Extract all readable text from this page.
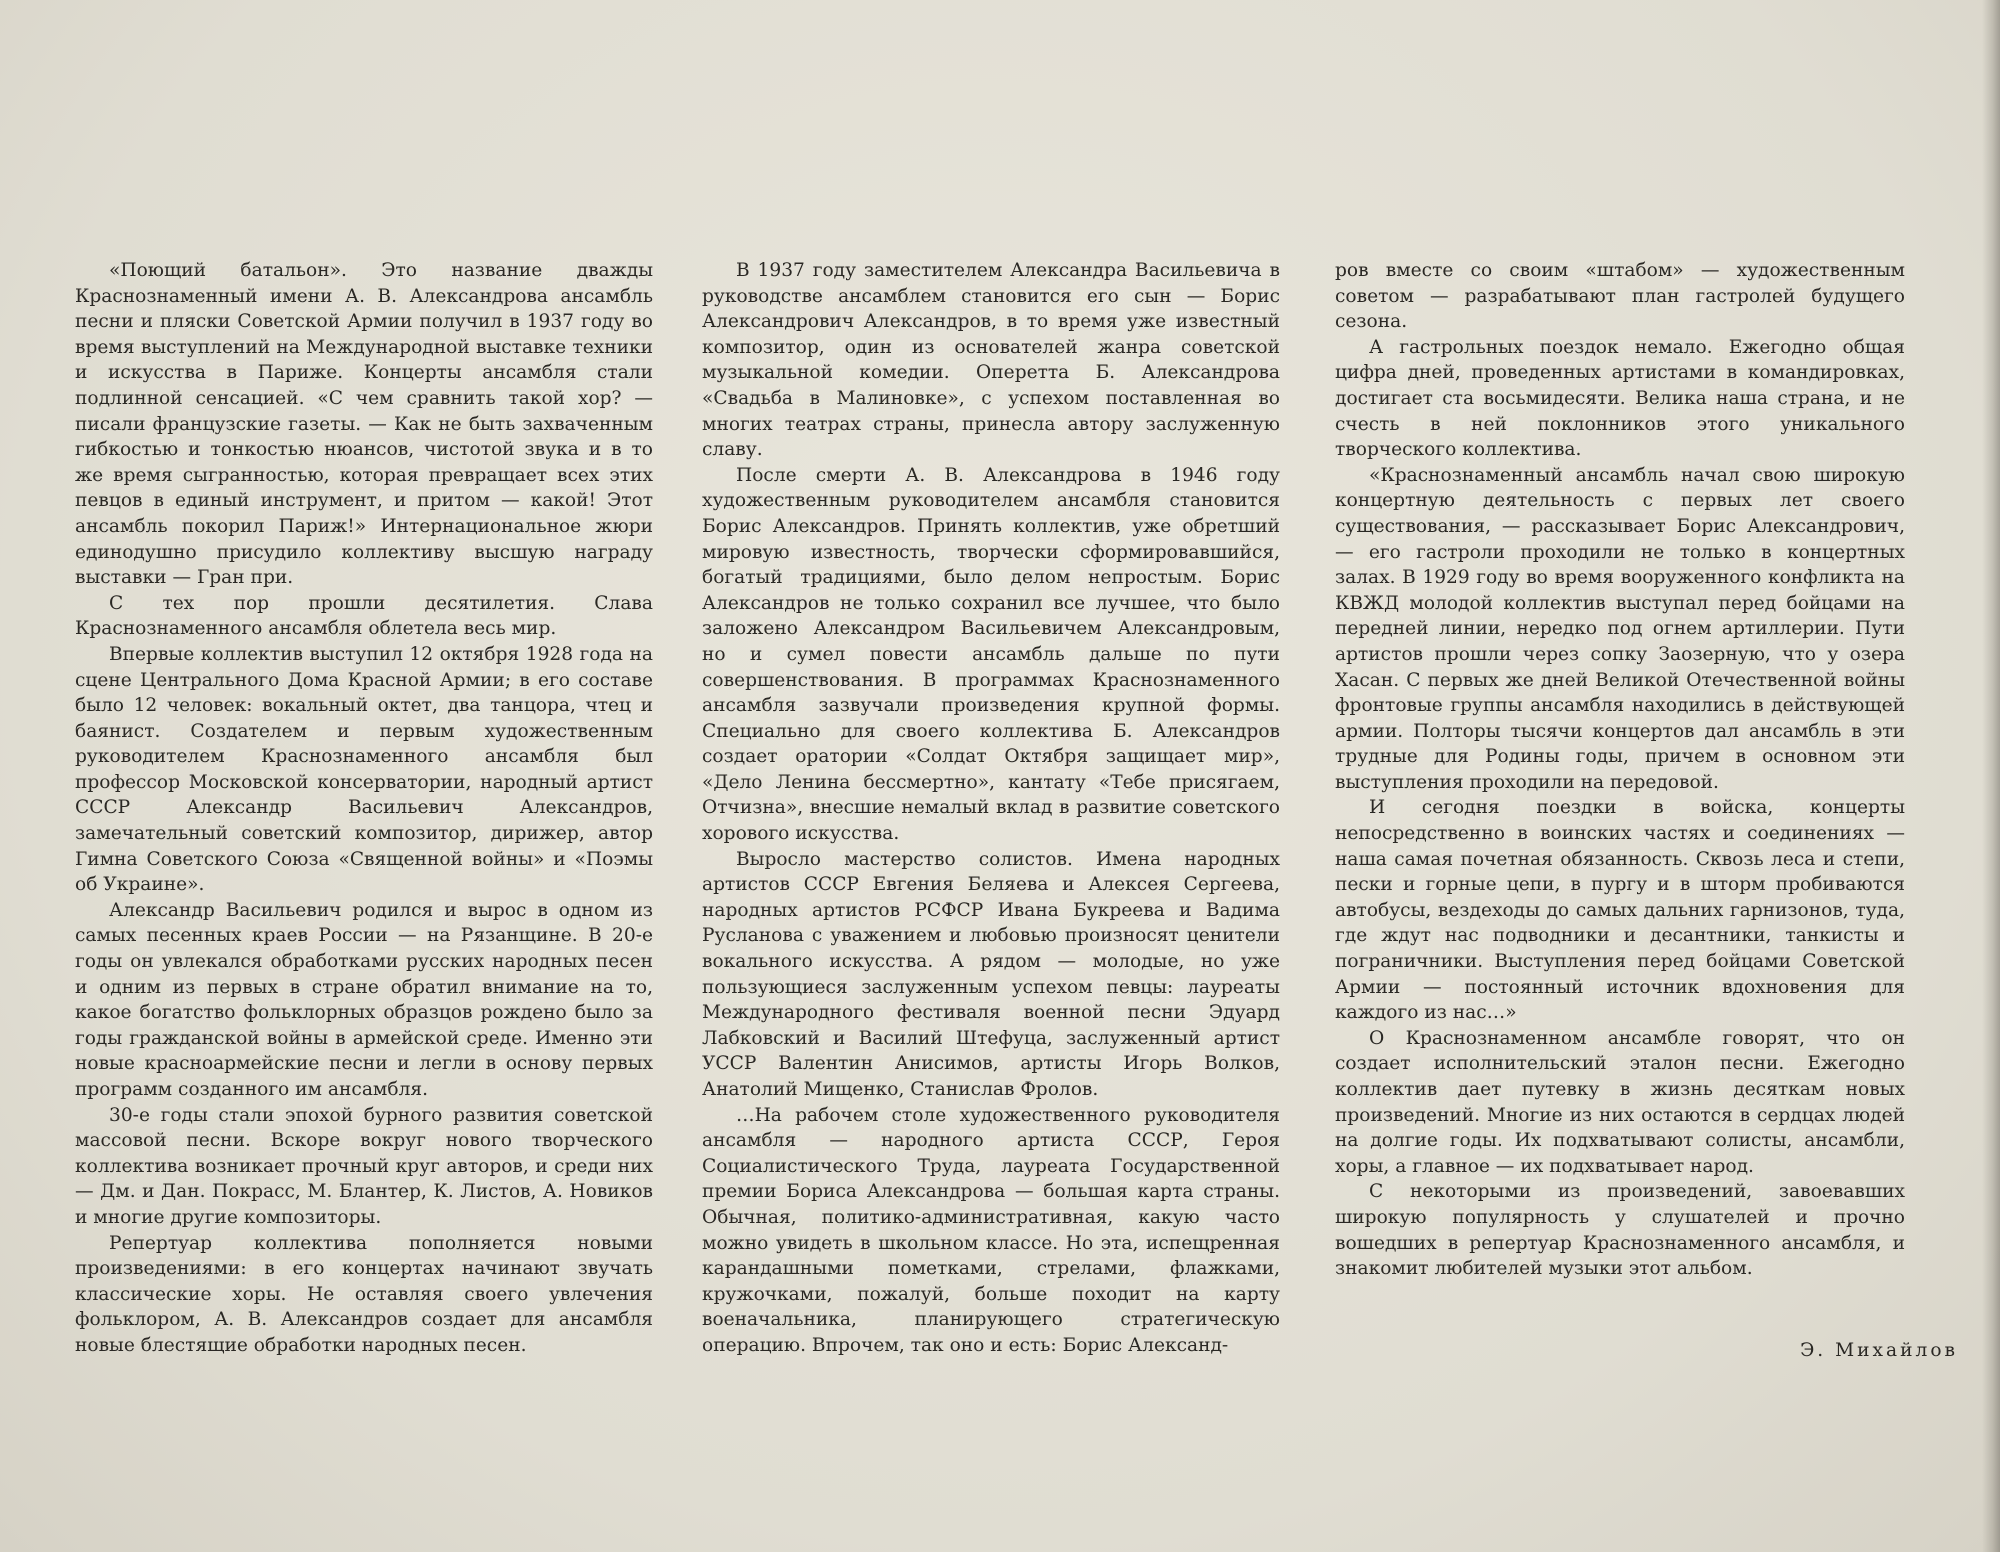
«Поющий батальон». Это название дважды Краснознаменный имени А. В. Александрова ансамбль песни и пляски Советской Армии получил в 1937 году во время выступлений на Международной выставке техники и искусства в Париже. Концерты ансамбля стали подлинной сенсацией. «С чем сравнить такой хор? — писали французские газеты. — Как не быть захваченным гибкостью и тонкостью нюансов, чистотой звука и в то же время сыгранностью, которая превращает всех этих певцов в единый инструмент, и притом — какой! Этот ансамбль покорил Париж!» Интернациональное жюри единодушно присудило коллективу высшую награду выставки — Гран при.

С тех пор прошли десятилетия. Слава Краснознаменного ансамбля облетела весь мир.

Впервые коллектив выступил 12 октября 1928 года на сцене Центрального Дома Красной Армии; в его составе было 12 человек: вокальный октет, два танцора, чтец и баянист. Создателем и первым художественным руководителем Краснознаменного ансамбля был профессор Московской консерватории, народный артист СССР Александр Васильевич Александров, замечательный советский композитор, дирижер, автор Гимна Советского Союза «Священной войны» и «Поэмы об Украине».

Александр Васильевич родился и вырос в одном из самых песенных краев России — на Рязанщине. В 20-е годы он увлекался обработками русских народных песен и одним из первых в стране обратил внимание на то, какое богатство фольклорных образцов рождено было за годы гражданской войны в армейской среде. Именно эти новые красноармейские песни и легли в основу первых программ созданного им ансамбля.

30-е годы стали эпохой бурного развития советской массовой песни. Вскоре вокруг нового творческого коллектива возникает прочный круг авторов, и среди них — Дм. и Дан. Покрасс, М. Блантер, К. Листов, А. Новиков и многие другие композиторы.

Репертуар коллектива пополняется новыми произведениями: в его концертах начинают звучать классические хоры. Не оставляя своего увлечения фольклором, А. В. Александров создает для ансамбля новые блестящие обработки народных песен.

В 1937 году заместителем Александра Васильевича в руководстве ансамблем становится его сын — Борис Александрович Александров, в то время уже известный композитор, один из основателей жанра советской музыкальной комедии. Оперетта Б. Александрова «Свадьба в Малиновке», с успехом поставленная во многих театрах страны, принесла автору заслуженную славу.

После смерти А. В. Александрова в 1946 году художественным руководителем ансамбля становится Борис Александров. Принять коллектив, уже обретший мировую известность, творчески сформировавшийся, богатый традициями, было делом непростым. Борис Александров не только сохранил все лучшее, что было заложено Александром Васильевичем Александровым, но и сумел повести ансамбль дальше по пути совершенствования. В программах Краснознаменного ансамбля зазвучали произведения крупной формы. Специально для своего коллектива Б. Александров создает оратории «Солдат Октября защищает мир», «Дело Ленина бессмертно», кантату «Тебе присягаем, Отчизна», внесшие немалый вклад в развитие советского хорового искусства.

Выросло мастерство солистов. Имена народных артистов СССР Евгения Беляева и Алексея Сергеева, народных артистов РСФСР Ивана Букреева и Вадима Русланова с уважением и любовью произносят ценители вокального искусства. А рядом — молодые, но уже пользующиеся заслуженным успехом певцы: лауреаты Международного фестиваля военной песни Эдуард Лабковский и Василий Штефуца, заслуженный артист УССР Валентин Анисимов, артисты Игорь Волков, Анатолий Мищенко, Станислав Фролов.

…На рабочем столе художественного руководителя ансамбля — народного артиста СССР, Героя Социалистического Труда, лауреата Государственной премии Бориса Александрова — большая карта страны. Обычная, политико-административная, какую часто можно увидеть в школьном классе. Но эта, испещренная карандашными пометками, стрелами, флажками, кружочками, пожалуй, больше походит на карту военачальника, планирующего стратегическую операцию. Впрочем, так оно и есть: Борис Александ-

ров вместе со своим «штабом» — художественным советом — разрабатывают план гастролей будущего сезона.

А гастрольных поездок немало. Ежегодно общая цифра дней, проведенных артистами в командировках, достигает ста восьмидесяти. Велика наша страна, и не счесть в ней поклонников этого уникального творческого коллектива.

«Краснознаменный ансамбль начал свою широкую концертную деятельность с первых лет своего существования, — рассказывает Борис Александрович, — его гастроли проходили не только в концертных залах. В 1929 году во время вооруженного конфликта на КВЖД молодой коллектив выступал перед бойцами на передней линии, нередко под огнем артиллерии. Пути артистов прошли через сопку Заозерную, что у озера Хасан. С первых же дней Великой Отечественной войны фронтовые группы ансамбля находились в действующей армии. Полторы тысячи концертов дал ансамбль в эти трудные для Родины годы, причем в основном эти выступления проходили на передовой.

И сегодня поездки в войска, концерты непосредственно в воинских частях и соединениях — наша самая почетная обязанность. Сквозь леса и степи, пески и горные цепи, в пургу и в шторм пробиваются автобусы, вездеходы до самых дальних гарнизонов, туда, где ждут нас подводники и десантники, танкисты и пограничники. Выступления перед бойцами Советской Армии — постоянный источник вдохновения для каждого из нас…»

О Краснознаменном ансамбле говорят, что он создает исполнительский эталон песни. Ежегодно коллектив дает путевку в жизнь десяткам новых произведений. Многие из них остаются в сердцах людей на долгие годы. Их подхватывают солисты, ансамбли, хоры, а главное — их подхватывает народ.

С некоторыми из произведений, завоевавших широкую популярность у слушателей и прочно вошедших в репертуар Краснознаменного ансамбля, и знакомит любителей музыки этот альбом.

Э. Михайлов
